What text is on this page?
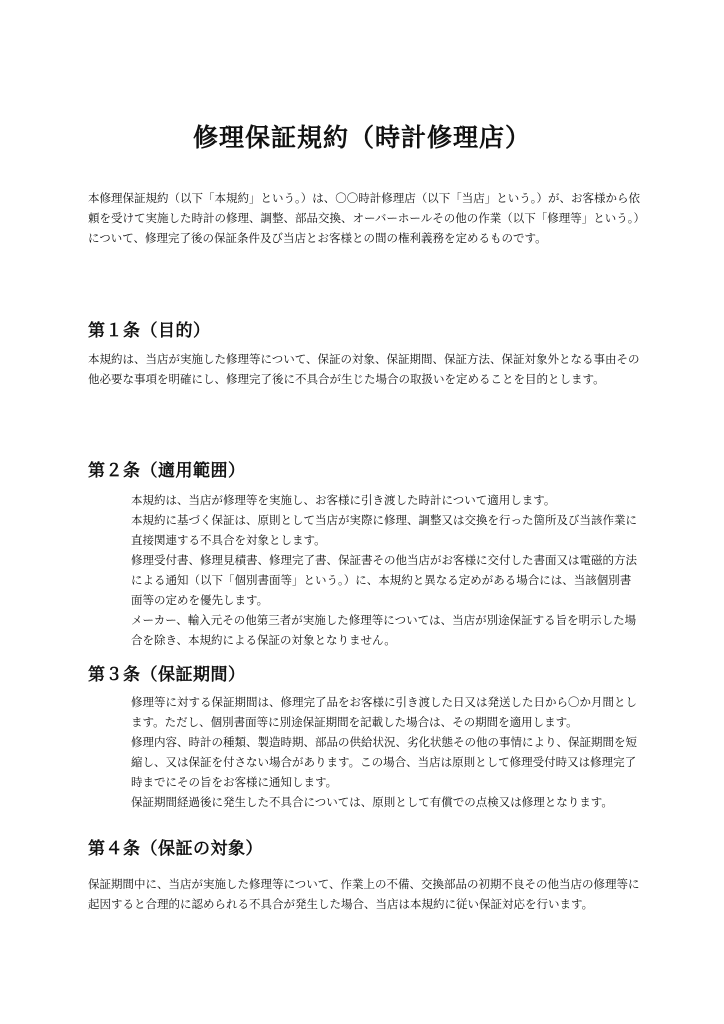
修理保証規約（時計修理店）

本修理保証規約（以下「本規約」という。）は、〇〇時計修理店（以下「当店」という。）が、お客様から依頼を受けて実施した時計の修理、調整、部品交換、オーバーホールその他の作業（以下「修理等」という。）について、修理完了後の保証条件及び当店とお客様との間の権利義務を定めるものです。

第１条（目的）

本規約は、当店が実施した修理等について、保証の対象、保証期間、保証方法、保証対象外となる事由その他必要な事項を明確にし、修理完了後に不具合が生じた場合の取扱いを定めることを目的とします。

第２条（適用範囲）

本規約は、当店が修理等を実施し、お客様に引き渡した時計について適用します。

本規約に基づく保証は、原則として当店が実際に修理、調整又は交換を行った箇所及び当該作業に直接関連する不具合を対象とします。

修理受付書、修理見積書、修理完了書、保証書その他当店がお客様に交付した書面又は電磁的方法による通知（以下「個別書面等」という。）に、本規約と異なる定めがある場合には、当該個別書面等の定めを優先します。

メーカー、輸入元その他第三者が実施した修理等については、当店が別途保証する旨を明示した場合を除き、本規約による保証の対象となりません。

第３条（保証期間）

修理等に対する保証期間は、修理完了品をお客様に引き渡した日又は発送した日から〇か月間とします。ただし、個別書面等に別途保証期間を記載した場合は、その期間を適用します。

修理内容、時計の種類、製造時期、部品の供給状況、劣化状態その他の事情により、保証期間を短縮し、又は保証を付さない場合があります。この場合、当店は原則として修理受付時又は修理完了時までにその旨をお客様に通知します。

保証期間経過後に発生した不具合については、原則として有償での点検又は修理となります。

第４条（保証の対象）

保証期間中に、当店が実施した修理等について、作業上の不備、交換部品の初期不良その他当店の修理等に起因すると合理的に認められる不具合が発生した場合、当店は本規約に従い保証対応を行います。
